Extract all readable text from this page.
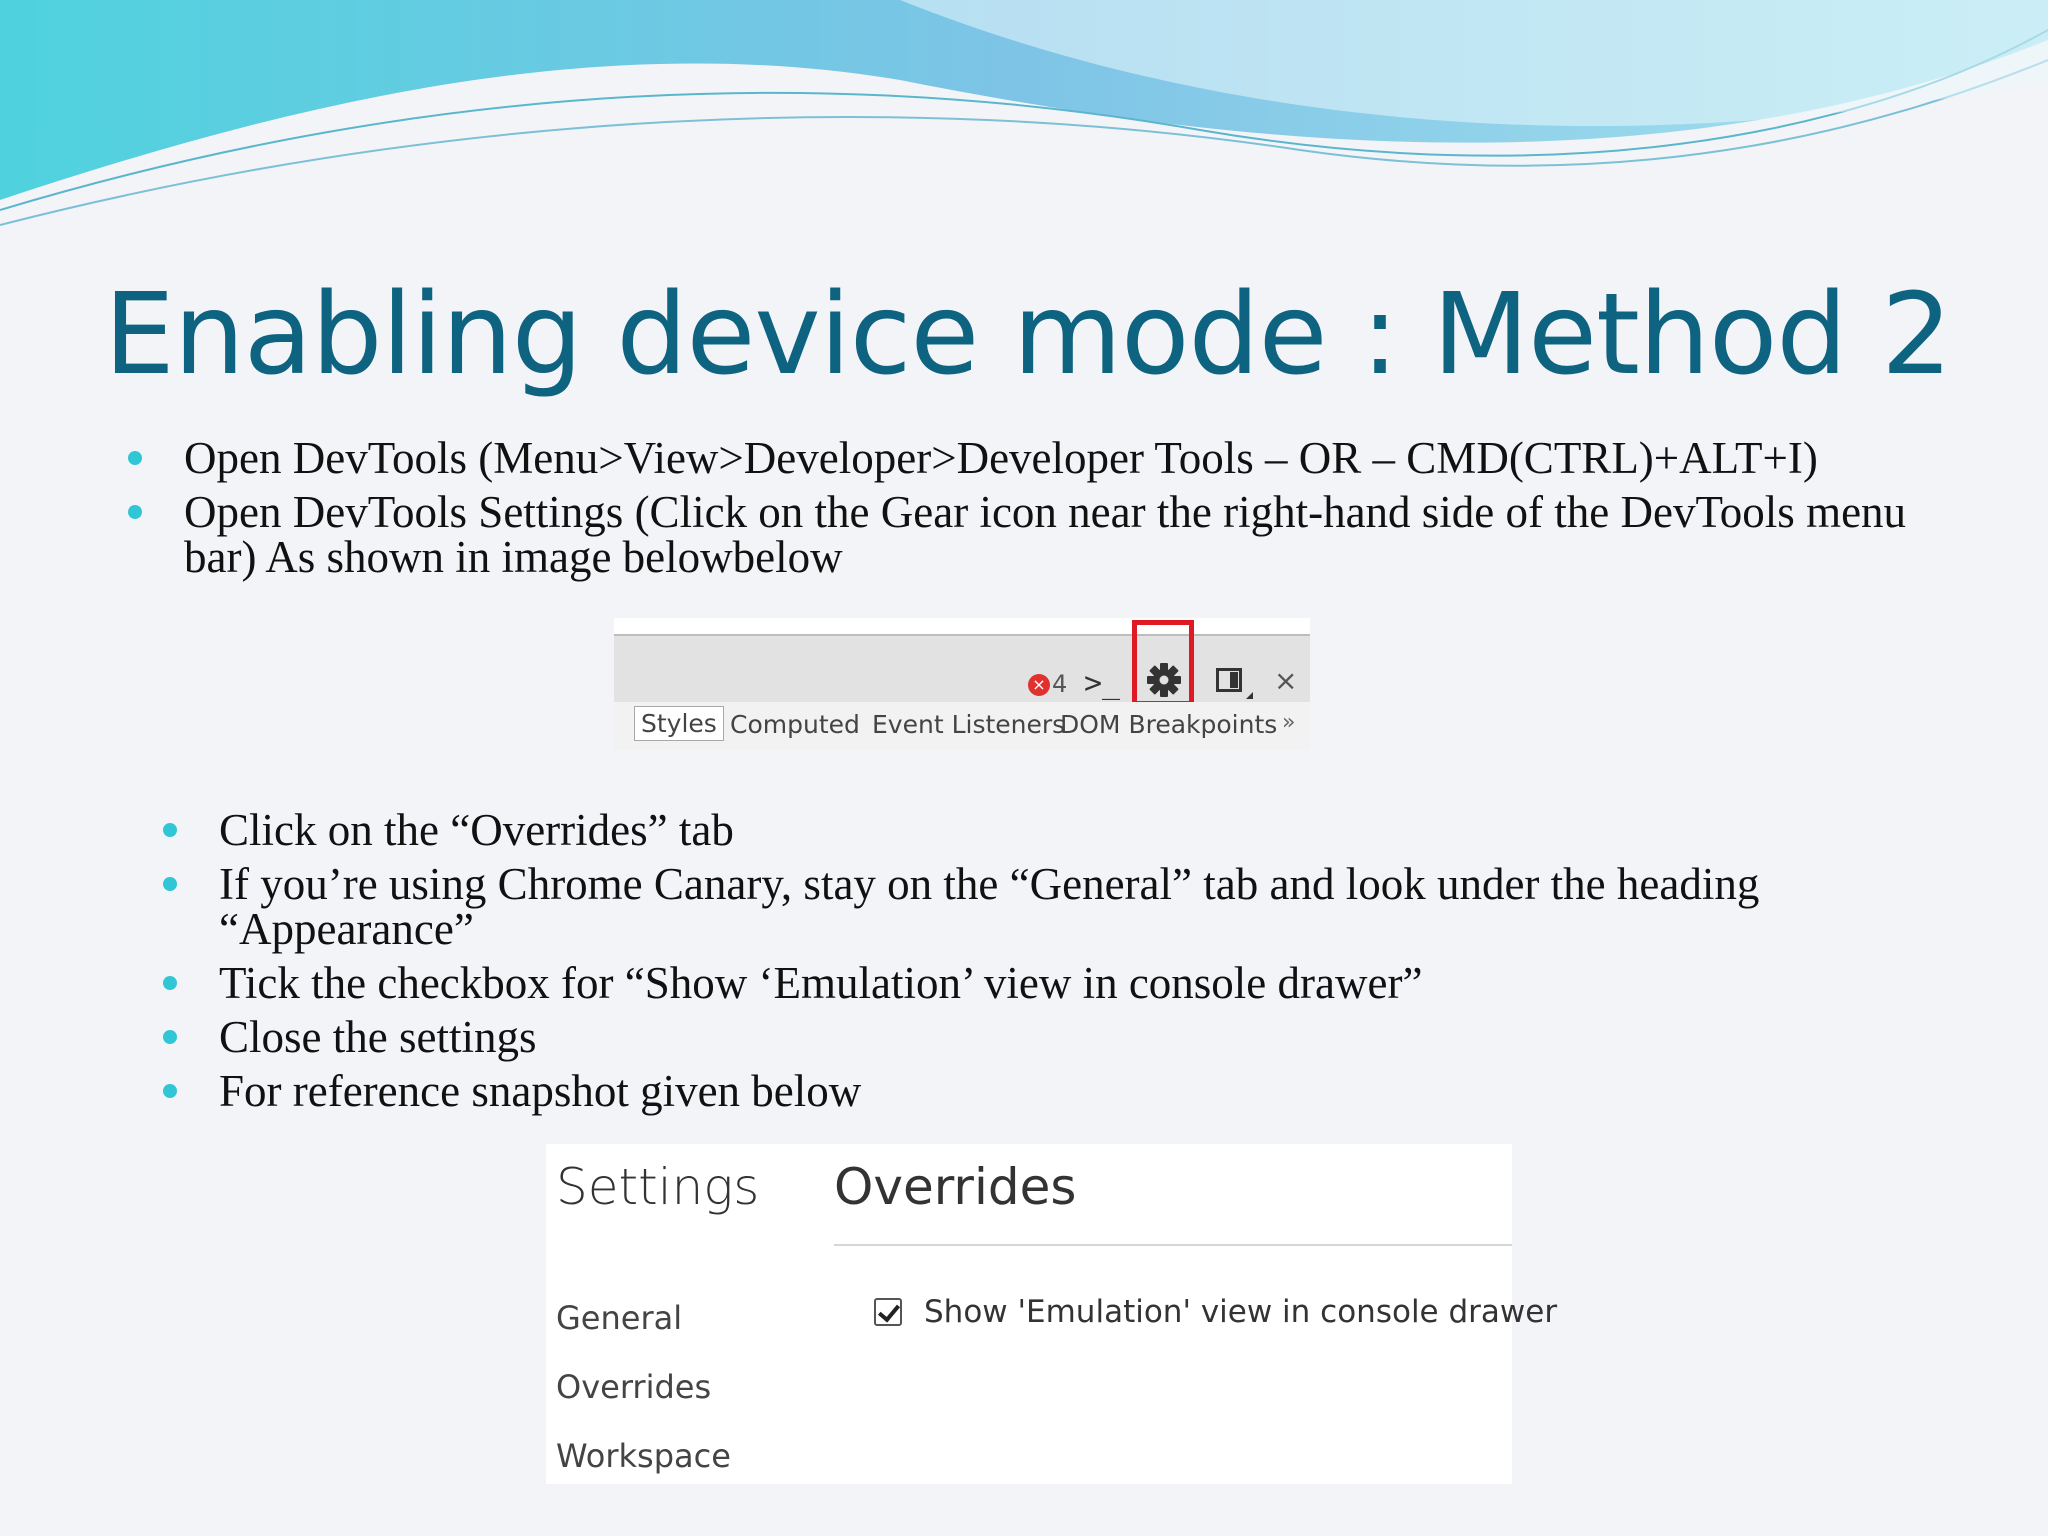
Enabling device mode : Method 2
Open DevTools (Menu>View>Developer>Developer Tools – OR – CMD(CTRL)+ALT+I)
Open DevTools Settings (Click on the Gear icon near the right-hand side of the DevTools menu bar) As shown in image belowbelow
× 4 >_	×
Styles Computed Event Listeners
DOM Breakpoints »
Click on the “Overrides” tab
If you’re using Chrome Canary, stay on the “General” tab and look under the heading “Appearance”
Tick the checkbox for “Show ‘Emulation’ view in console drawer”
Close the settings
For reference snapshot given below
Settings
General
Overrides
Workspace
Overrides
Show 'Emulation' view in console drawer
